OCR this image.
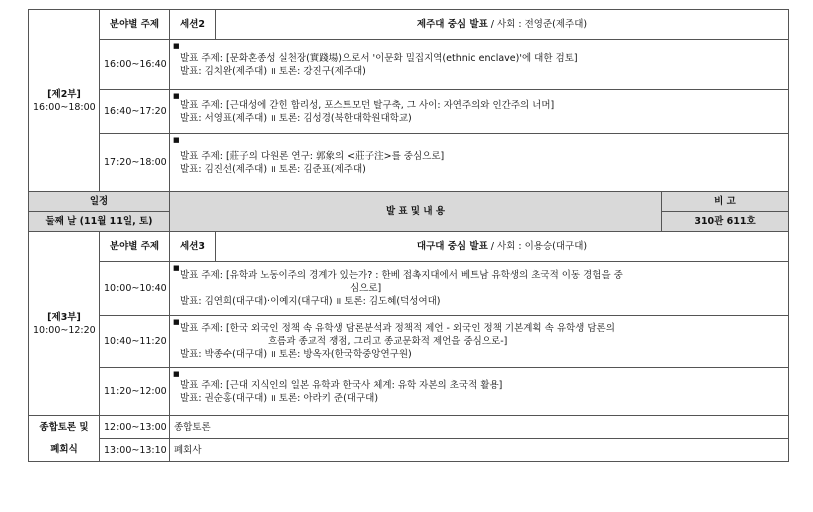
[제2부]
16:00~18:00	분야별 주제	세션2	제주대 중심 발표 / 사회 : 전영준(제주대)	
	16:00~16:40	■ 발표 주제: [문화혼종성 실천장(實踐場)으로서 '이문화 밀집지역(ethnic enclave)'에 대한 검토]
발표: 김치완(제주대) ॥ 토론: 강진구(제주대)

	16:40~17:20	■ 발표 주제: [근대성에 갇힌 합리성, 포스트모던 탈구축, 그 사이: 자연주의와 인간주의 너머]
발표: 서영표(제주대) ॥ 토론: 김성경(북한대학원대학교)

	17:20~18:00	■ 발표 주제: [莊子의 다원론 연구: 郭象의 <莊子注>를 중심으로]
발표: 김진선(제주대) ॥ 토론: 김준표(제주대)

일정		발 표 및 내 용		비 고
둘째 날 (11월 11일, 토)				310관 611호

[제3부]
10:00~12:20	분야별 주제	세션3	대구대 중심 발표 / 사회 : 이용승(대구대)	
	10:00~10:40	■ 발표 주제: [유학과 노동이주의 경계가 있는가? : 한베 접촉지대에서 베트남 유학생의 초국적 이동 경험을 중
심으로]
발표: 김연희(대구대)·이예지(대구대) ॥ 토론: 김도혜(덕성여대)

	10:40~11:20	■ 발표 주제: [한국 외국인 정책 속 유학생 담론분석과 정책적 제언 - 외국인 정책 기본계획 속 유학생 담론의
흐름과 종교적 쟁점, 그리고 종교문화적 제언을 중심으로-]
발표: 박종수(대구대) ॥ 토론: 방옥자(한국학중앙연구원)

	11:20~12:00	■ 발표 주제: [근대 지식인의 일본 유학과 한국사 체계: 유학 자본의 초국적 활용]
발표: 권순홍(대구대) ॥ 토론: 아라키 준(대구대)

종합토론 및
폐회식	12:00~13:00	종합토론		
	13:00~13:10	폐회사		
